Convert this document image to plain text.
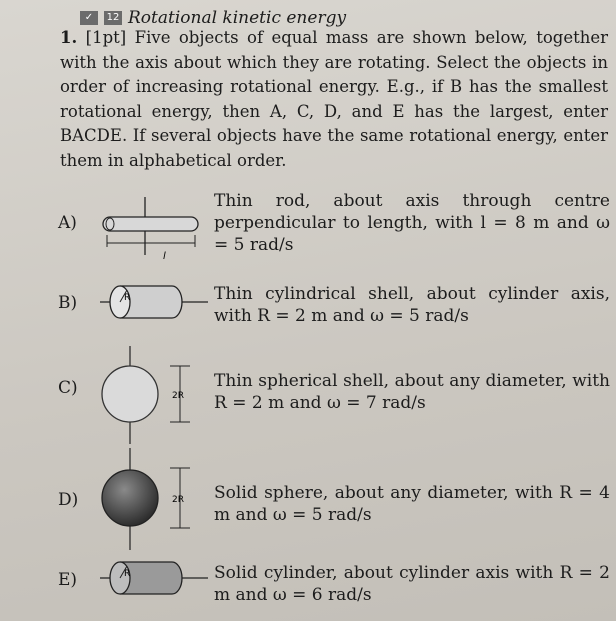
✓	12 Rotational kinetic energy
1. [1pt] Five objects of equal mass are shown below, together with the axis about which they are rotating. Select the objects in order of increasing rotational energy. E.g., if B has the smallest rotational energy, then A, C, D, and E has the largest, enter BACDE. If several objects have the same rotational energy, enter them in alphabetical order.
A)
l
Thin rod, about axis through centre perpendicular to length, with l = 8 m and ω = 5 rad/s
B)	R	Thin cylindrical shell, about cylinder axis, with R = 2 m and ω = 5 rad/s
C)	2R
Thin spherical shell, about any diameter, with R = 2 m and ω = 7 rad/s
D)	2R Solid sphere, about any diameter, with R = 4 m and ω = 5 rad/s
E)	R	Solid cylinder, about cylinder axis with R = 2 m and ω = 6 rad/s
